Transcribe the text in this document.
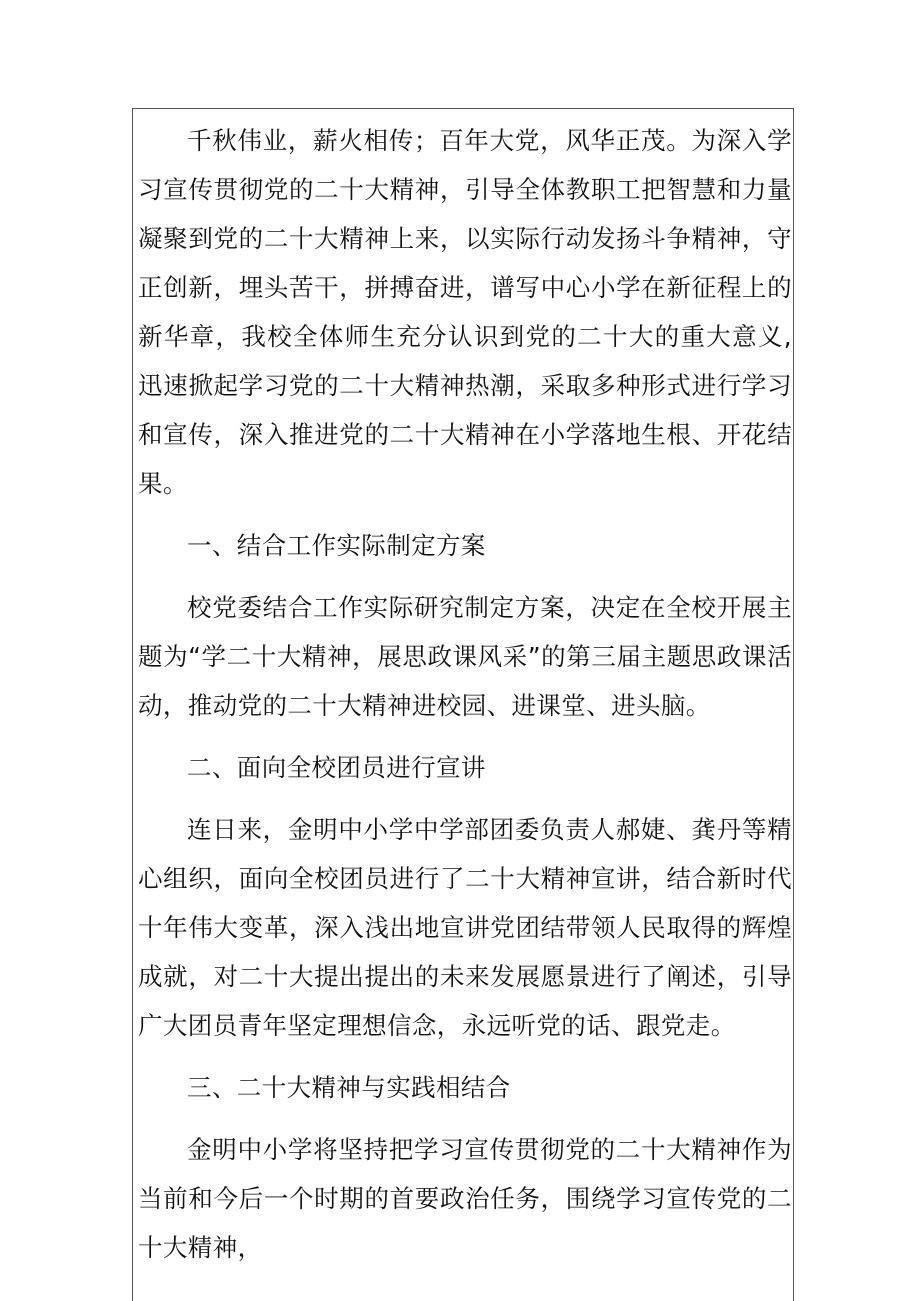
千秋伟业，薪火相传；百年大党，风华正茂。为深入学习宣传贯彻党的二十大精神，引导全体教职工把智慧和力量凝聚到党的二十大精神上来，以实际行动发扬斗争精神，守正创新，埋头苦干，拼搏奋进，谱写中心小学在新征程上的新华章，我校全体师生充分认识到党的二十大的重大意义,迅速掀起学习党的二十大精神热潮，采取多种形式进行学习和宣传，深入推进党的二十大精神在小学落地生根、开花结果。

一、结合工作实际制定方案

校党委结合工作实际研究制定方案，决定在全校开展主题为“学二十大精神，展思政课风采”的第三届主题思政课活动，推动党的二十大精神进校园、进课堂、进头脑。

二、面向全校团员进行宣讲

连日来，金明中小学中学部团委负责人郝婕、龚丹等精心组织，面向全校团员进行了二十大精神宣讲，结合新时代十年伟大变革，深入浅出地宣讲党团结带领人民取得的辉煌成就，对二十大提出提出的未来发展愿景进行了阐述，引导广大团员青年坚定理想信念，永远听党的话、跟党走。

三、二十大精神与实践相结合

金明中小学将坚持把学习宣传贯彻党的二十大精神作为当前和今后一个时期的首要政治任务，围绕学习宣传党的二十大精神，
